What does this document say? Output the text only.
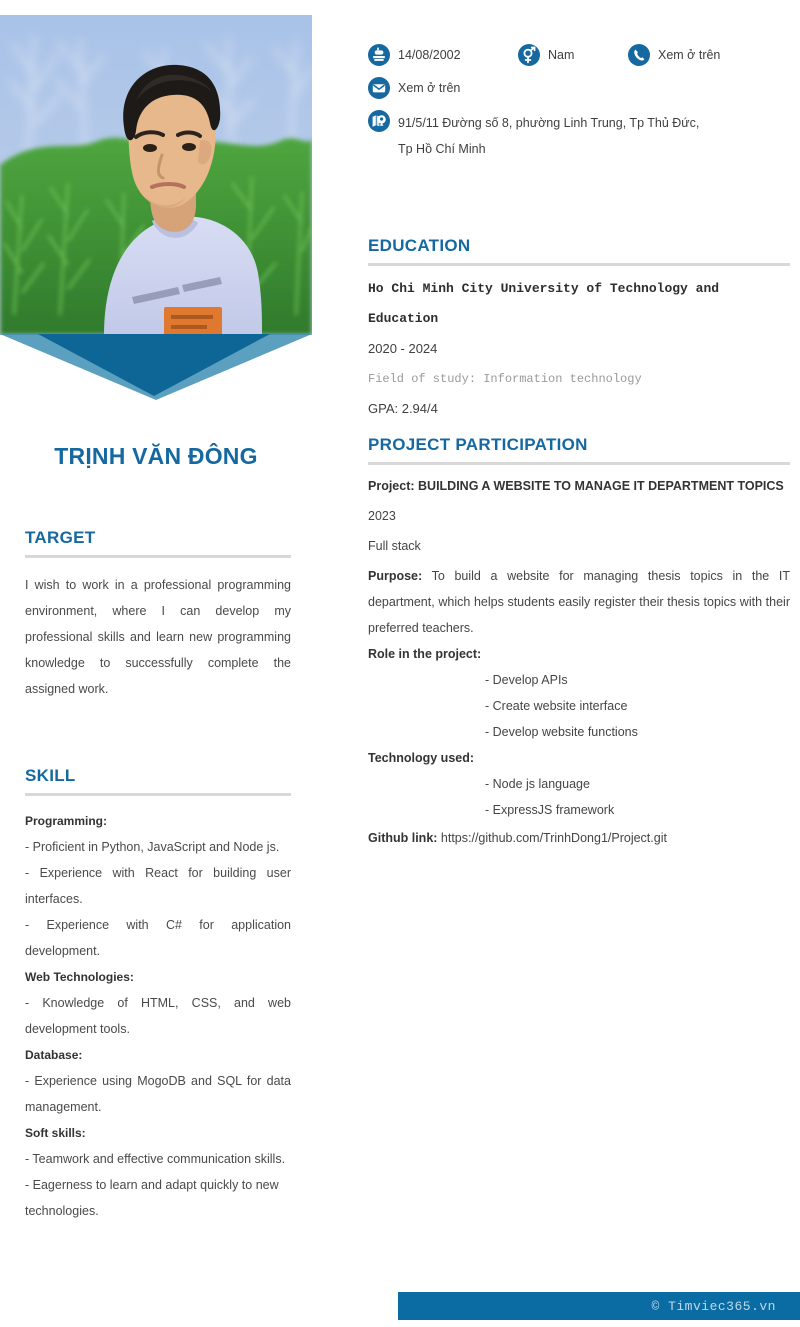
TRỊNH VĂN ĐÔNG
TARGET
I wish to work in a professional programming environment, where I can develop my professional skills and learn new programming knowledge to successfully complete the assigned work.
SKILL
Programming:
- Proficient in Python, JavaScript and Node js.
- Experience with React for building user interfaces.
- Experience with C# for application development.
Web Technologies:
- Knowledge of HTML, CSS, and web development tools.
Database:
- Experience using MogoDB and SQL for data management.
Soft skills:
- Teamwork and effective communication skills.
- Eagerness to learn and adapt quickly to new technologies.
14/08/2002	Nam	Xem ở trên
Xem ở trên
91/5/11 Đường số 8, phường Linh Trung, Tp Thủ Đức,
Tp Hồ Chí Minh
EDUCATION
Ho Chi Minh City University of Technology and Education
2020 - 2024
Field of study: Information technology
GPA: 2.94/4
PROJECT PARTICIPATION
Project: BUILDING A WEBSITE TO MANAGE IT DEPARTMENT TOPICS
2023
Full stack
Purpose: To build a website for managing thesis topics in the IT department, which helps students easily register their thesis topics with their preferred teachers.
Role in the project:
- Develop APIs
- Create website interface
- Develop website functions
Technology used:
- Node js language
- ExpressJS framework
Github link: https://github.com/TrinhDong1/Project.git
© Timviec365.vn
